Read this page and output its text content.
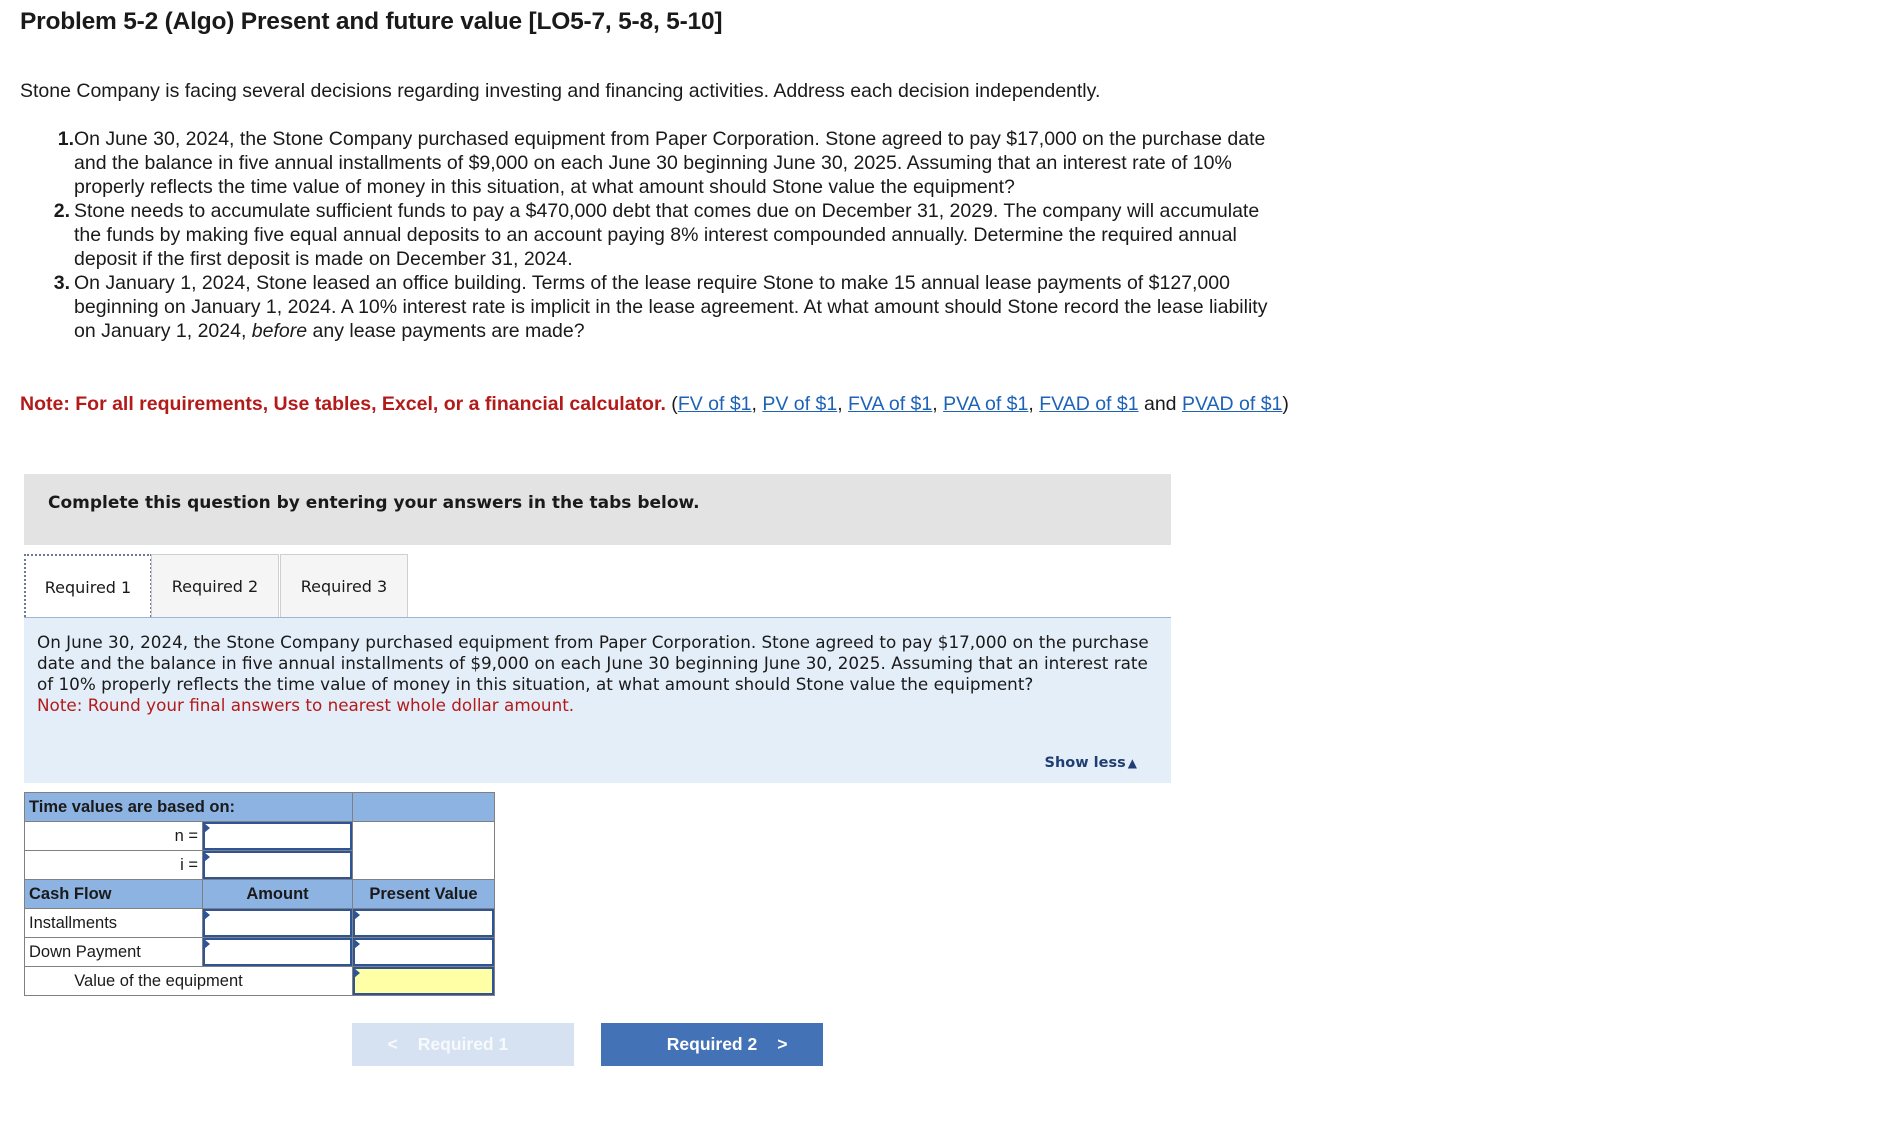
Problem 5-2 (Algo) Present and future value [LO5-7, 5-8, 5-10]

Stone Company is facing several decisions regarding investing and financing activities. Address each decision independently.

1. On June 30, 2024, the Stone Company purchased equipment from Paper Corporation. Stone agreed to pay $17,000 on the purchase date and the balance in five annual installments of $9,000 on each June 30 beginning June 30, 2025. Assuming that an interest rate of 10% properly reflects the time value of money in this situation, at what amount should Stone value the equipment?
2. Stone needs to accumulate sufficient funds to pay a $470,000 debt that comes due on December 31, 2029. The company will accumulate the funds by making five equal annual deposits to an account paying 8% interest compounded annually. Determine the required annual deposit if the first deposit is made on December 31, 2024.
3. On January 1, 2024, Stone leased an office building. Terms of the lease require Stone to make 15 annual lease payments of $127,000 beginning on January 1, 2024. A 10% interest rate is implicit in the lease agreement. At what amount should Stone record the lease liability on January 1, 2024, before any lease payments are made?
Note: For all requirements, Use tables, Excel, or a financial calculator. (FV of $1, PV of $1, FVA of $1, PVA of $1, FVAD of $1 and PVAD of $1)
Complete this question by entering your answers in the tabs below.
Required 1	Required 2	Required 3

On June 30, 2024, the Stone Company purchased equipment from Paper Corporation. Stone agreed to pay $17,000 on the purchase date and the balance in five annual installments of $9,000 on each June 30 beginning June 30, 2025. Assuming that an interest rate of 10% properly reflects the time value of money in this situation, at what amount should Stone value the equipment?
Note: Round your final answers to nearest whole dollar amount.

Show less ▲
Time values are based on:		
n =	

i =	

Cash Flow	Amount	Present Value
Installments	

Down Payment	

Value of the equipment	
< Required 1	Required 2 >
